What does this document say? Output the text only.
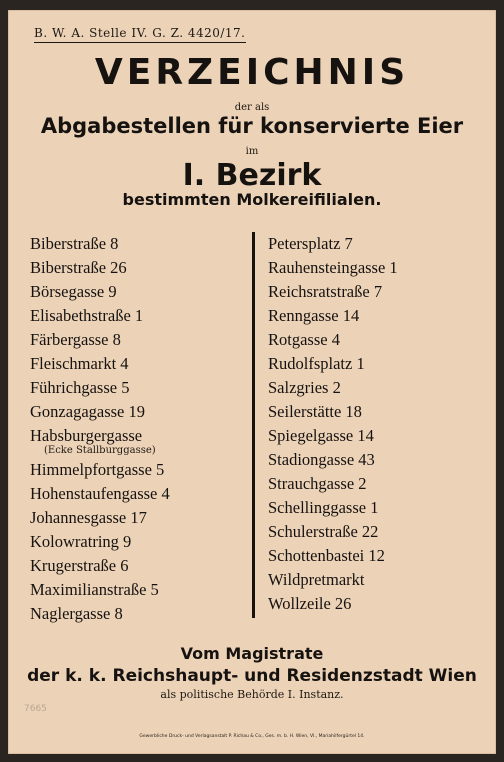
B. W. A. Stelle IV. G. Z. 4420/17.
VERZEICHNIS
der als
Abgabestellen für konservierte Eier
im
I. Bezirk
bestimmten Molkereifilialen.
Biberstraße 8
Biberstraße 26
Börsegasse 9
Elisabethstraße 1
Färbergasse 8
Fleischmarkt 4
Führichgasse 5
Gonzagagasse 19
Habsburgergasse
(Ecke Stallburggasse)
Himmelpfortgasse 5
Hohenstaufengasse 4
Johannesgasse 17
Kolowratring 9
Krugerstraße 6
Maximilianstraße 5
Naglergasse 8
Petersplatz 7
Rauhensteingasse 1
Reichsratstraße 7
Renngasse 14
Rotgasse 4
Rudolfsplatz 1
Salzgries 2
Seilerstätte 18
Spiegelgasse 14
Stadiongasse 43
Strauchgasse 2
Schellinggasse 1
Schulerstraße 22
Schottenbastei 12
Wildpretmarkt
Wollzeile 26
Vom Magistrate
der k. k. Reichshaupt- und Residenzstadt Wien
als politische Behörde I. Instanz.
Gewerbliche Druck- und Verlagsanstalt P. Richau & Co., Ges. m. b. H. Wien, VI., Mariahilfergürtel 14.
7665
